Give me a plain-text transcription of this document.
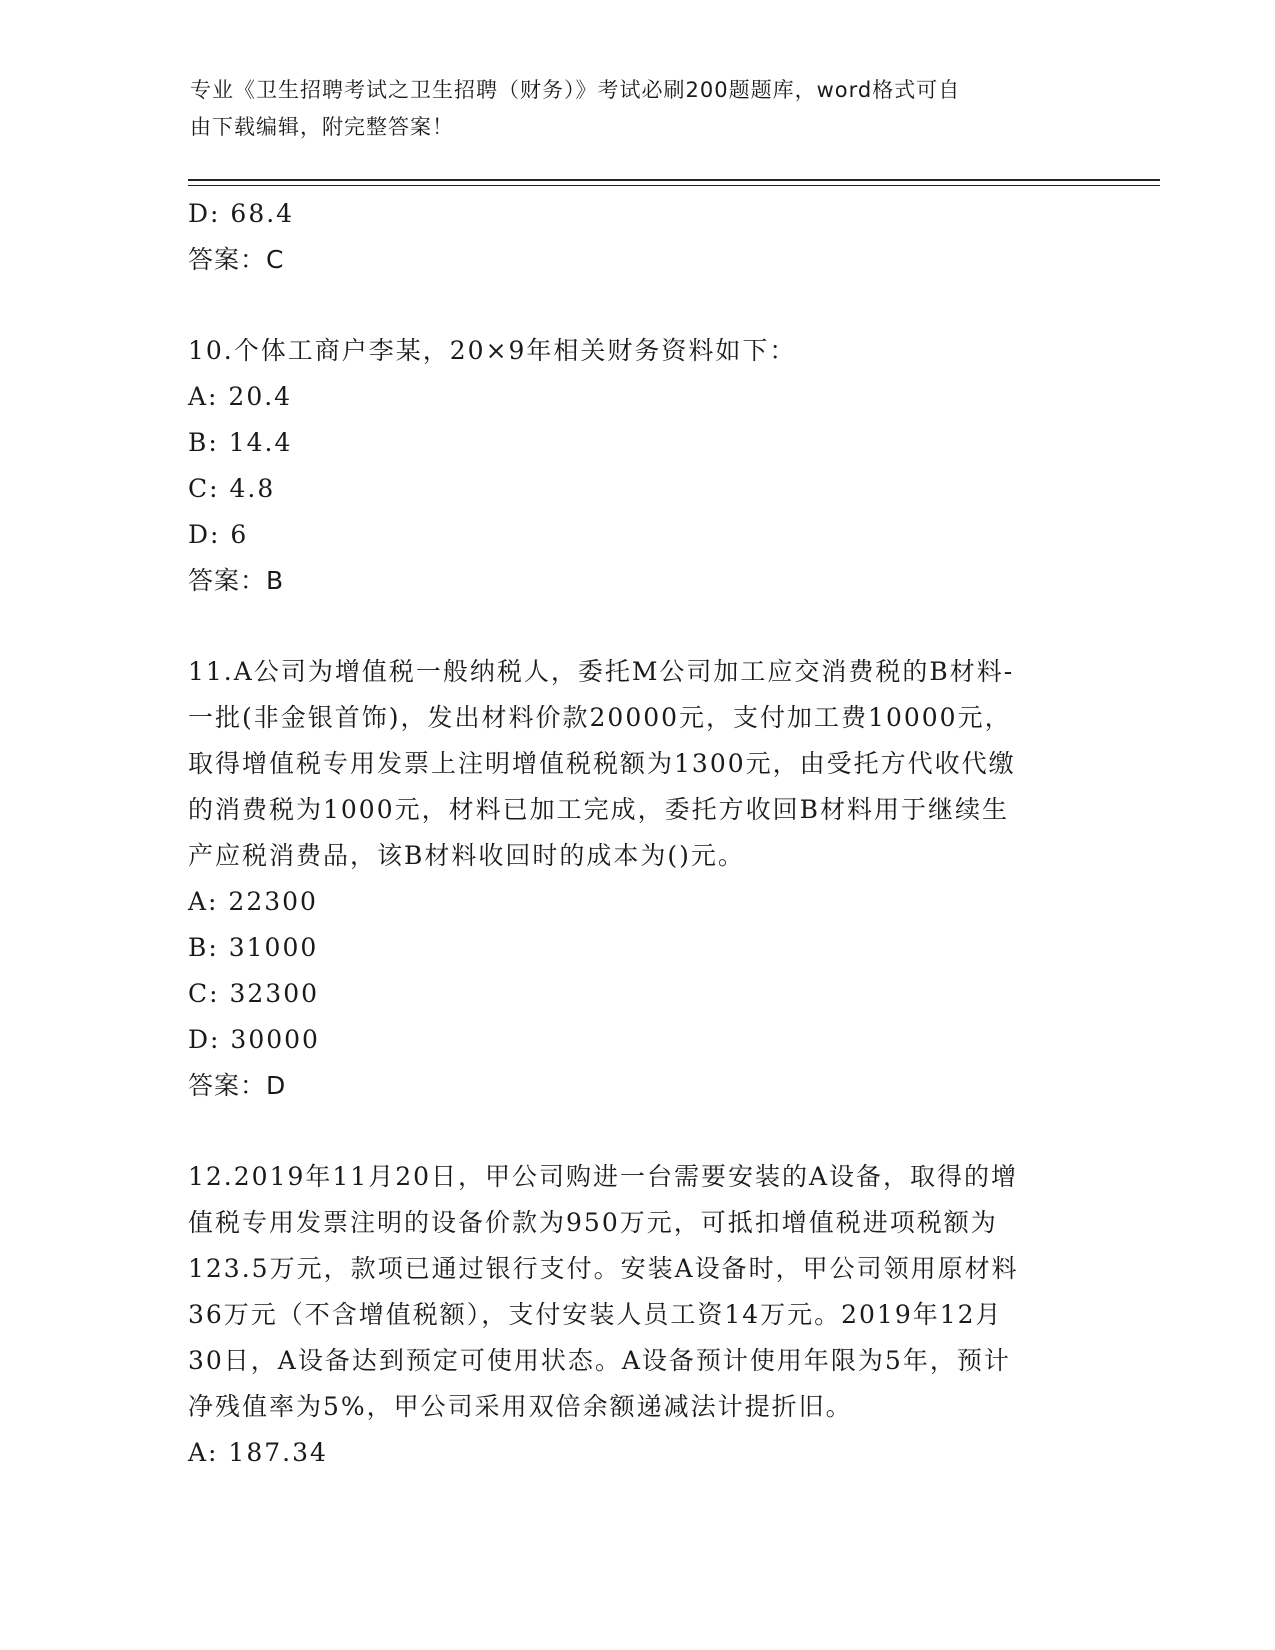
专业《卫生招聘考试之卫生招聘（财务）》考试必刷200题题库，word格式可自
由下载编辑，附完整答案！
D: 68.4
答案：C
10.个体工商户李某，20×9年相关财务资料如下：
A: 20.4
B: 14.4
C: 4.8
D: 6
答案：B
11.A公司为增值税一般纳税人，委托M公司加工应交消费税的B材料-
一批(非金银首饰)，发出材料价款20000元，支付加工费10000元，
取得增值税专用发票上注明增值税税额为1300元，由受托方代收代缴
的消费税为1000元，材料已加工完成，委托方收回B材料用于继续生
产应税消费品，该B材料收回时的成本为()元。
A: 22300
B: 31000
C: 32300
D: 30000
答案：D
12.2019年11月20日，甲公司购进一台需要安装的A设备，取得的增
值税专用发票注明的设备价款为950万元，可抵扣增值税进项税额为
123.5万元，款项已通过银行支付。安装A设备时，甲公司领用原材料
36万元（不含增值税额），支付安装人员工资14万元。2019年12月
30日，A设备达到预定可使用状态。A设备预计使用年限为5年，预计
净残值率为5%，甲公司采用双倍余额递减法计提折旧。
A: 187.34
